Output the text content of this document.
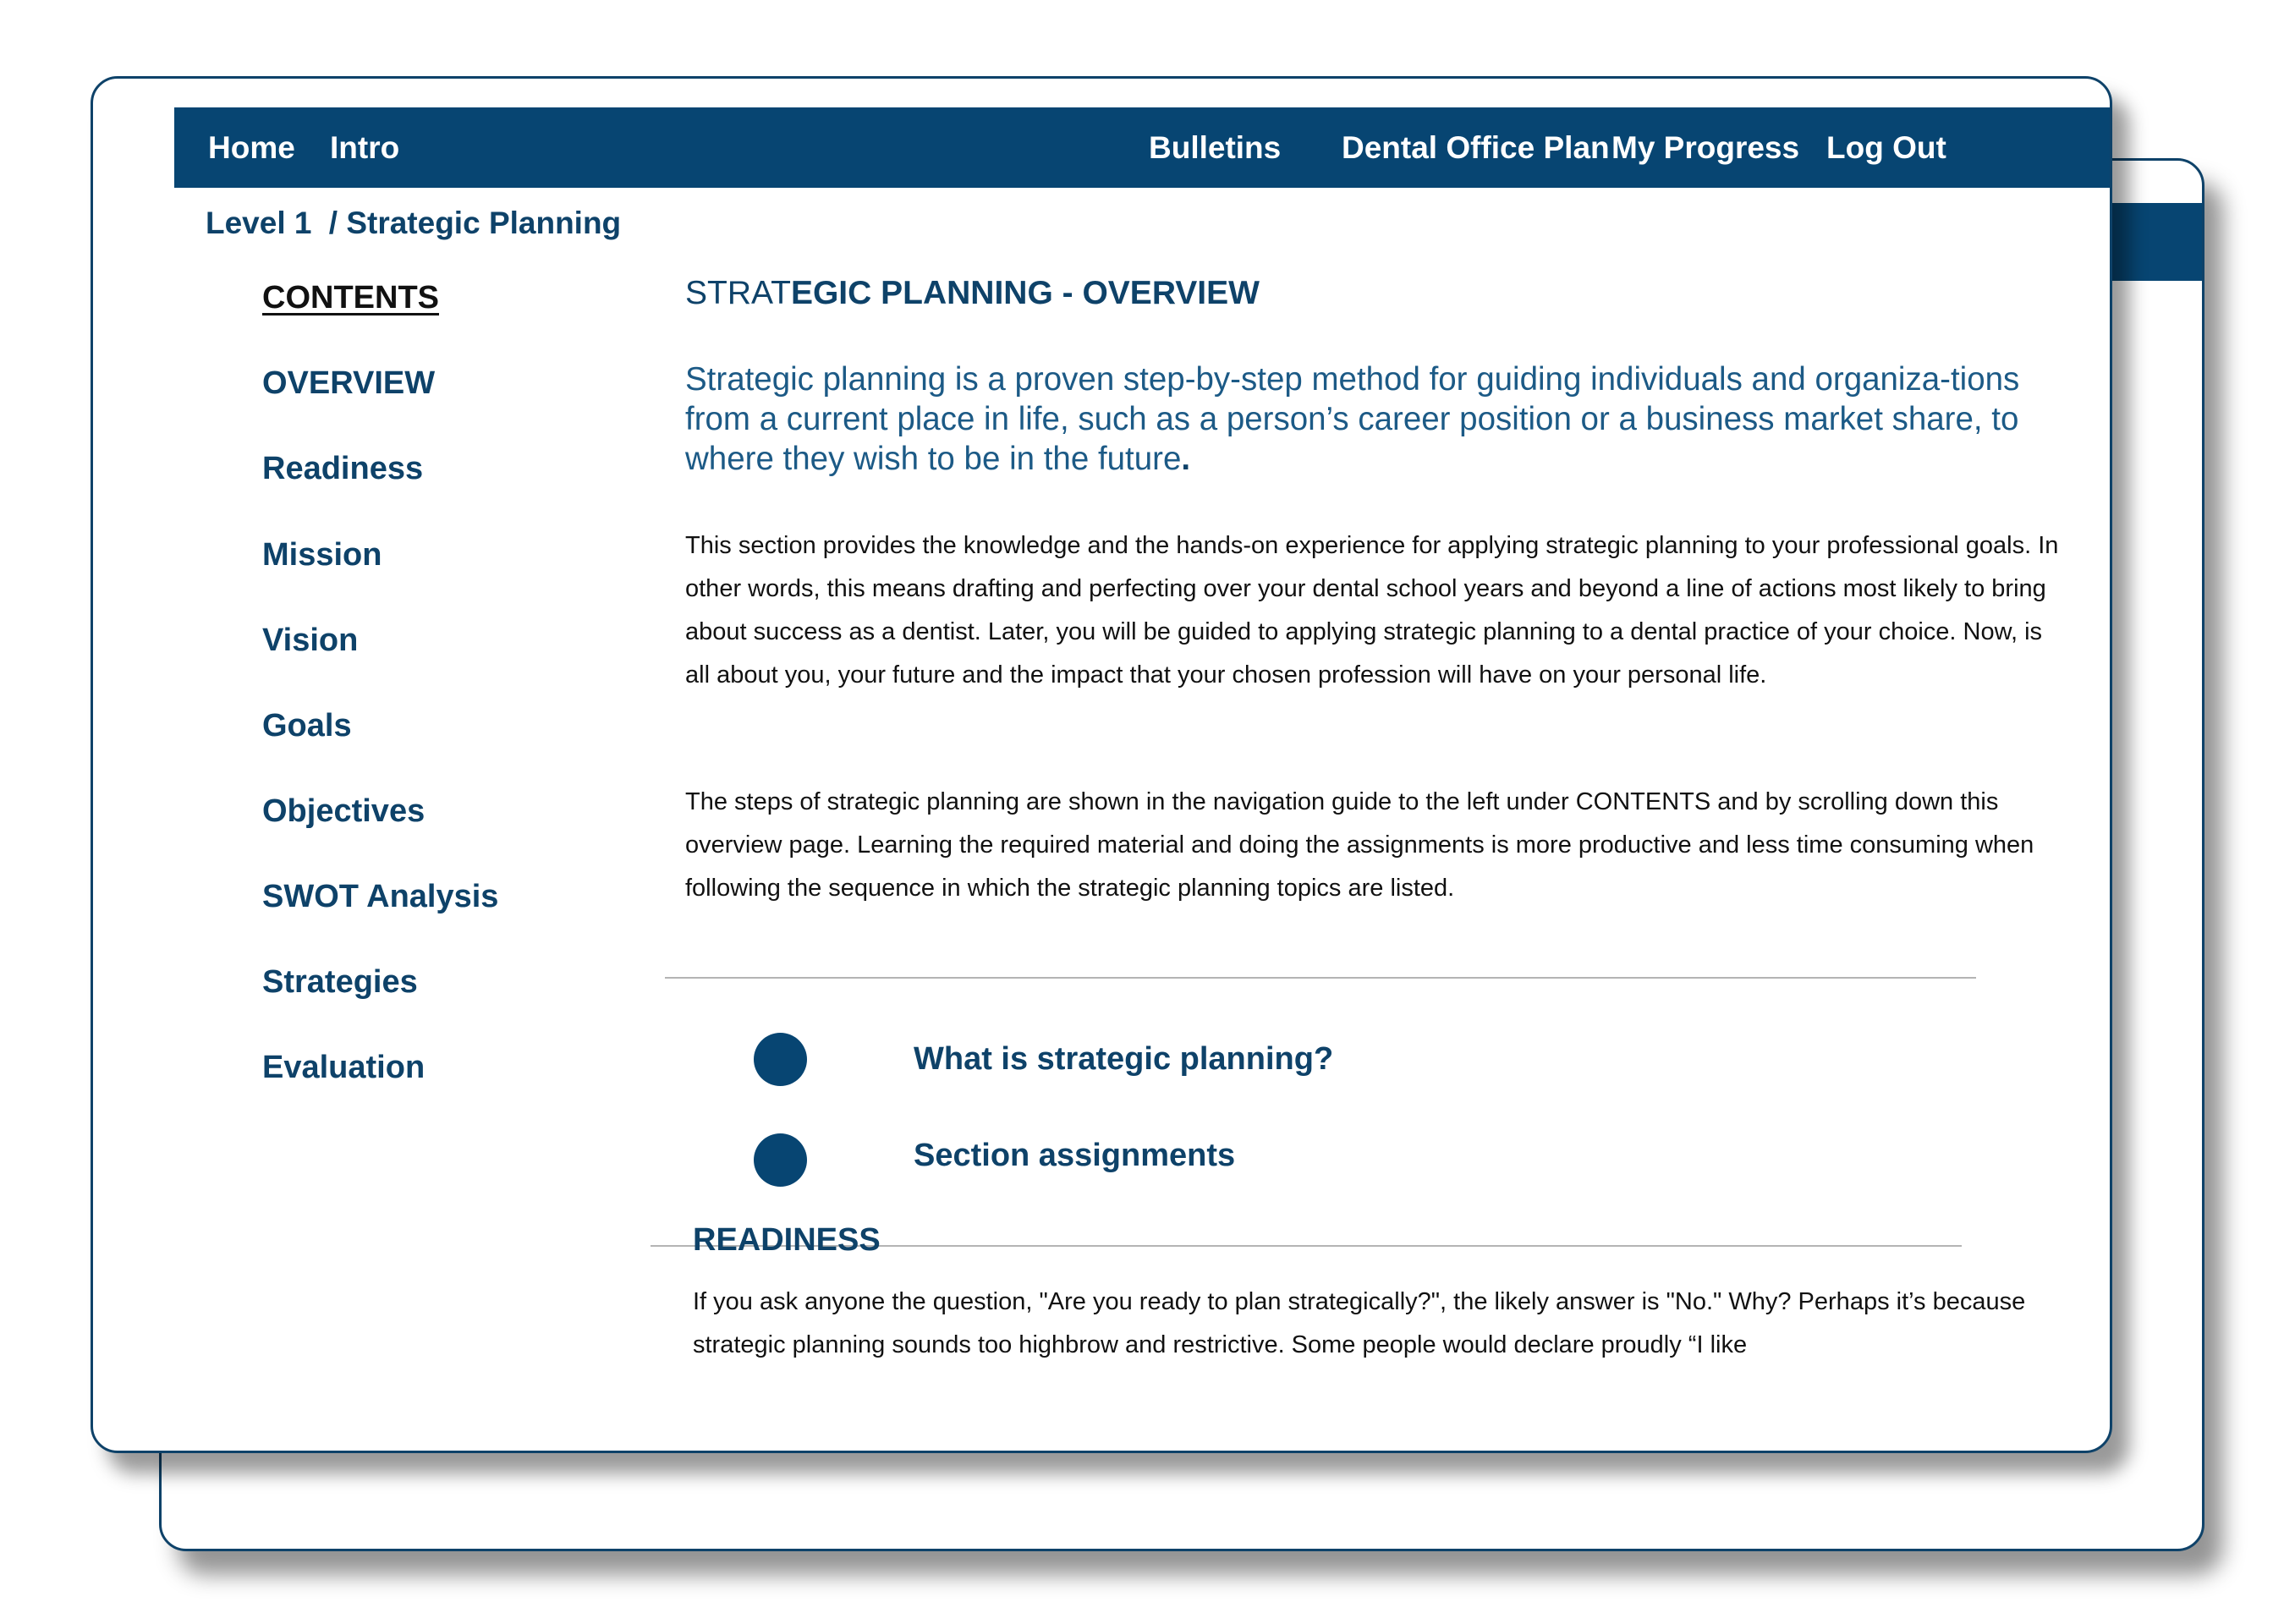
Home Intro	Bulletins Dental Office Plan My Progress Log Out
Level 1 / Strategic Planning
CONTENTS
OVERVIEW
Readiness
Mission
Vision
Goals
Objectives
SWOT Analysis
Strategies
Evaluation
STRATEGIC PLANNING - OVERVIEW
Strategic planning is a proven step-by-step method for guiding individuals and organiza-tions from a current place in life, such as a person’s career position or a business market share, to where they wish to be in the future.
This section provides the knowledge and the hands-on experience for applying strategic planning to your professional goals. In other words, this means drafting and perfecting over your dental school years and beyond a line of actions most likely to bring about success as a dentist. Later, you will be guided to applying strategic planning to a dental practice of your choice. Now, is all about you, your future and the impact that your chosen profession will have on your personal life.
The steps of strategic planning are shown in the navigation guide to the left under CONTENTS and by scrolling down this overview page. Learning the required material and doing the assignments is more productive and less time consuming when following the sequence in which the strategic planning topics are listed.
What is strategic planning?
Section assignments
READINESS
If you ask anyone the question, "Are you ready to plan strategically?", the likely answer is "No." Why? Perhaps it’s because strategic planning sounds too highbrow and restrictive. Some people would declare proudly “I like
